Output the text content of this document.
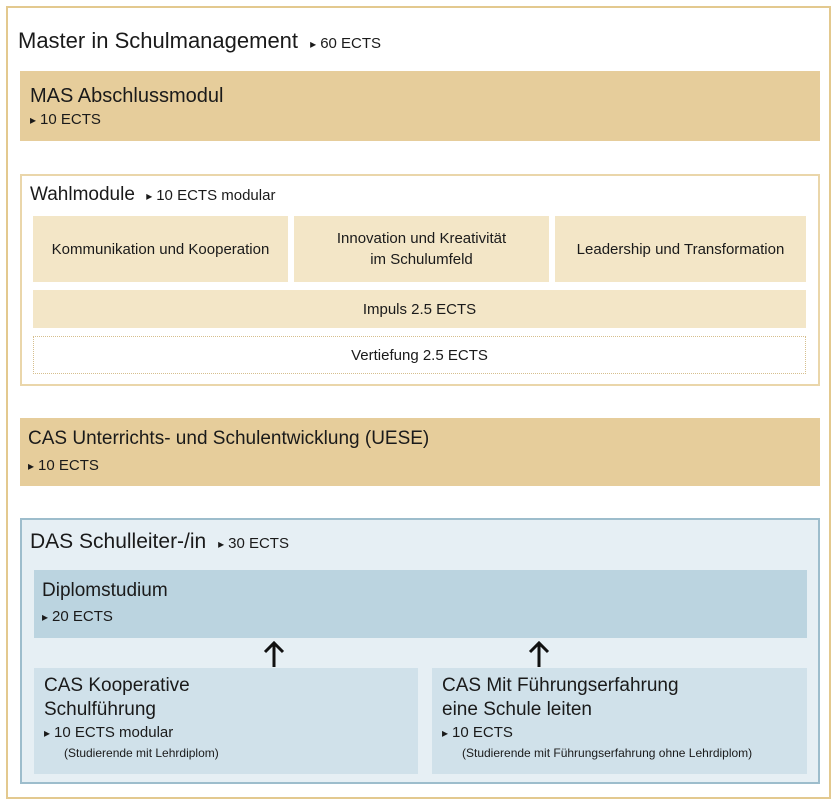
Master in Schulmanagement ▸ 60 ECTS
MAS Abschlussmodul
▸ 10 ECTS
Wahlmodule ▸ 10 ECTS modular
Kommunikation und Kooperation
Innovation und Kreativität
im Schulumfeld
Leadership und Transformation
Impuls 2.5 ECTS
Vertiefung 2.5 ECTS
CAS Unterrichts- und Schulentwicklung (UESE)
▸ 10 ECTS
DAS Schulleiter-/in ▸ 30 ECTS
Diplomstudium
▸ 20 ECTS
CAS Kooperative
Schulführung
▸ 10 ECTS modular
(Studierende mit Lehrdiplom)
CAS Mit Führungserfahrung
eine Schule leiten
▸ 10 ECTS
(Studierende mit Führungserfahrung ohne Lehrdiplom)
